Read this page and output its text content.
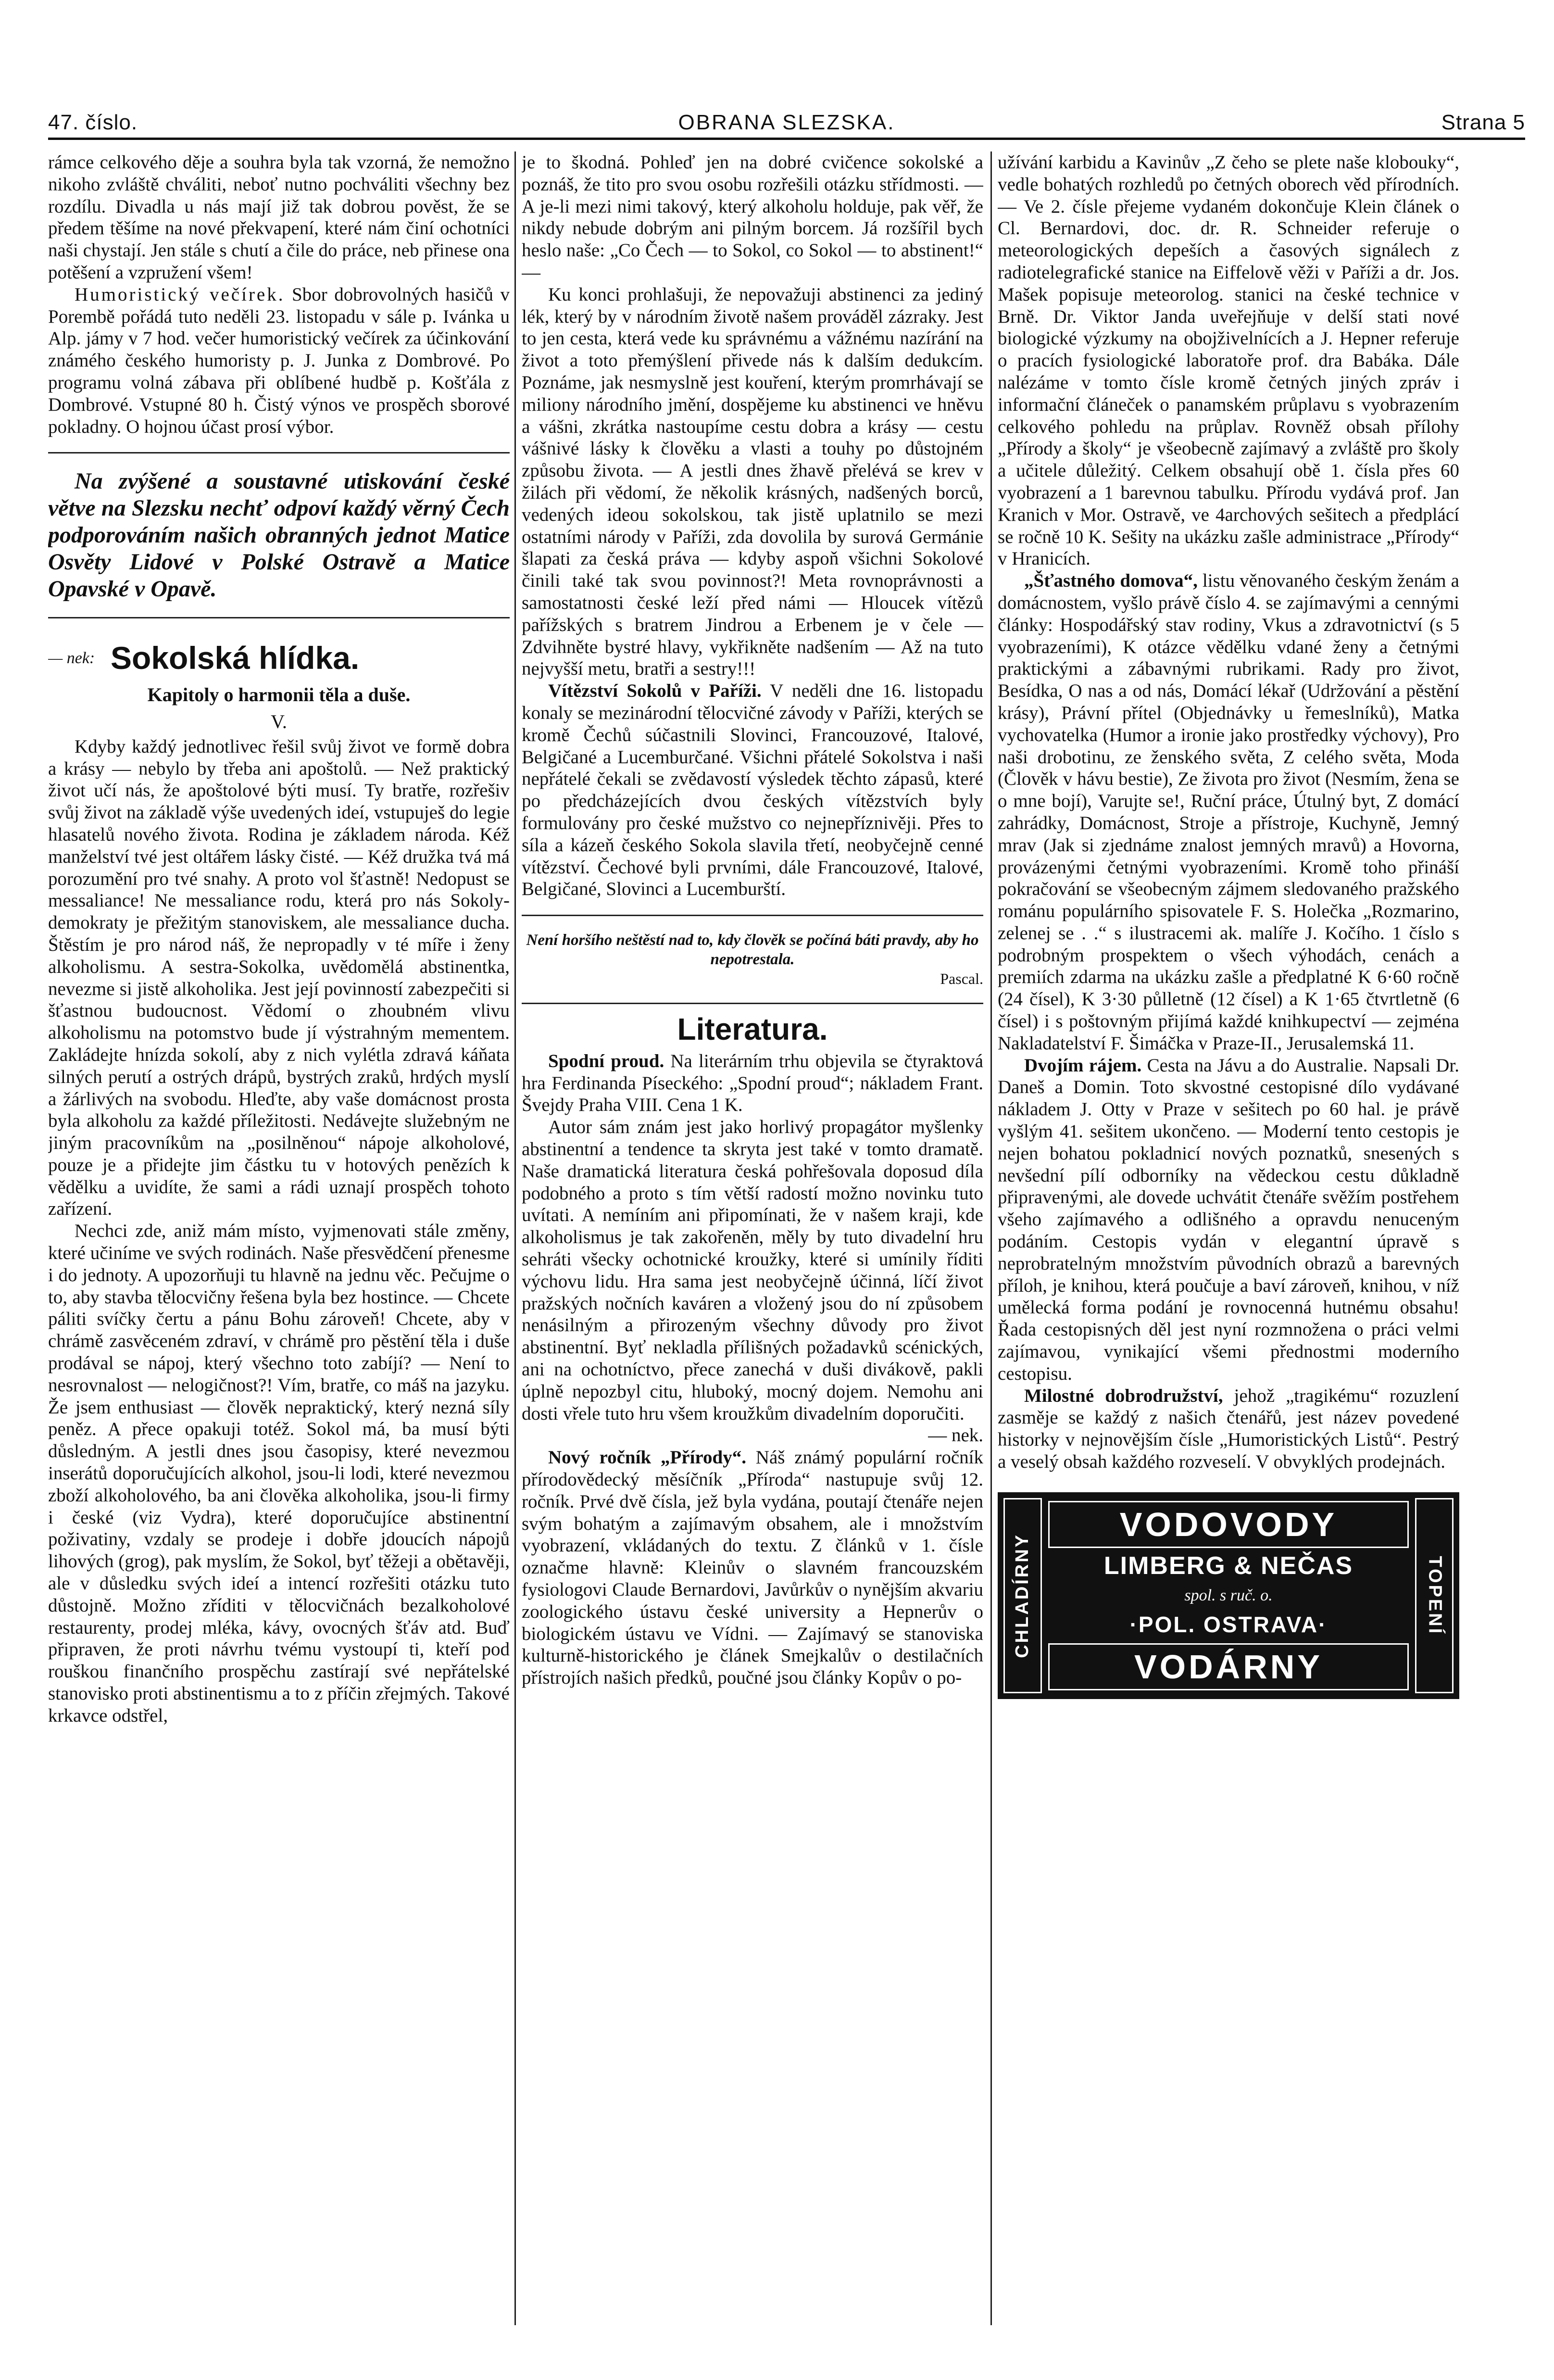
47. číslo.	OBRANA SLEZSKA.	Strana 5

rámce celkového děje a souhra byla tak vzorná, že nemožno nikoho zvláště chváliti, neboť nutno pochváliti všechny bez rozdílu. Divadla u nás mají již tak dobrou pověst, že se předem těšíme na nové překvapení, které nám činí ochotníci naši chystají. Jen stále s chutí a čile do práce, neb přinese ona potěšení a vzpružení všem!

Humoristický večírek. Sbor dobrovolných hasičů v Porembě pořádá tuto neděli 23. listopadu v sále p. Ivánka u Alp. jámy v 7 hod. večer humoristický večírek za účinkování známého českého humoristy p. J. Junka z Dombrové. Po programu volná zábava při oblíbené hudbě p. Košťála z Dombrové. Vstupné 80 h. Čistý výnos ve prospěch sborové pokladny. O hojnou účast prosí výbor.

Na zvýšené a soustavné utiskování české větve na Slezsku nechť odpoví každý věrný Čech podporováním našich obranných jednot Matice Osvěty Lidové v Polské Ostravě a Matice Opavské v Opavě.

— nek: Sokolská hlídka.
Kapitoly o harmonii těla a duše.
V.

Kdyby každý jednotlivec řešil svůj život ve formě dobra a krásy — nebylo by třeba ani apoštolů. — Než praktický život učí nás, že apoštolové býti musí. Ty bratře, rozřešiv svůj život na základě výše uvedených ideí, vstupuješ do legie hlasatelů nového života. Rodina je základem národa. Kéž manželství tvé jest oltářem lásky čisté. — Kéž družka tvá má porozumění pro tvé snahy. A proto vol šťastně! Nedopust se messaliance! Ne messaliance rodu, která pro nás Sokoly-demokraty je přežitým stanoviskem, ale messaliance ducha. Štěstím je pro národ náš, že nepropadly v té míře i ženy alkoholismu. A sestra-Sokolka, uvědomělá abstinentka, nevezme si jistě alkoholika. Jest její povinností zabezpečiti si šťastnou budoucnost. Vědomí o zhoubném vlivu alkoholismu na potomstvo bude jí výstrahným mementem. Zakládejte hnízda sokolí, aby z nich vylétla zdravá káňata silných perutí a ostrých drápů, bystrých zraků, hrdých myslí a žárlivých na svobodu. Hleďte, aby vaše domácnost prosta byla alkoholu za každé příležitosti. Nedávejte služebným ne jiným pracovníkům na „posilněnou“ nápoje alkoholové, pouze je a přidejte jim částku tu v hotových penězích k vědělku a uvidíte, že sami a rádi uznají prospěch tohoto zařízení.

Nechci zde, aniž mám místo, vyjmenovati stále změny, které učiníme ve svých rodinách. Naše přesvědčení přenesme i do jednoty. A upozorňuji tu hlavně na jednu věc. Pečujme o to, aby stavba tělocvičny řešena byla bez hostince. — Chcete páliti svíčky čertu a pánu Bohu zároveň! Chcete, aby v chrámě zasvěceném zdraví, v chrámě pro pěstění těla i duše prodával se nápoj, který všechno toto zabíjí? — Není to nesrovnalost — nelogičnost?! Vím, bratře, co máš na jazyku. Že jsem enthusiast — člověk nepraktický, který nezná síly peněz. A přece opakuji totéž. Sokol má, ba musí býti důsledným. A jestli dnes jsou časopisy, které nevezmou inserátů doporučujících alkohol, jsou-li lodi, které nevezmou zboží alkoholového, ba ani člověka alkoholika, jsou-li firmy i české (viz Vydra), které doporučujíce abstinentní poživatiny, vzdaly se prodeje i dobře jdoucích nápojů lihových (grog), pak myslím, že Sokol, byť těžeji a obětavěji, ale v důsledku svých ideí a intencí rozřešiti otázku tuto důstojně. Možno zříditi v tělocvičnách bezalkoholové restaurenty, prodej mléka, kávy, ovocných šťáv atd. Buď připraven, že proti návrhu tvému vystoupí ti, kteří pod rouškou finančního prospěchu zastírají své nepřátelské stanovisko proti abstinentismu a to z příčin zřejmých. Takové krkavce odstřel,

je to škodná. Pohleď jen na dobré cvičence sokolské a poznáš, že tito pro svou osobu rozřešili otázku střídmosti. — A je-li mezi nimi takový, který alkoholu holduje, pak věř, že nikdy nebude dobrým ani pilným borcem. Já rozšířil bych heslo naše: „Co Čech — to Sokol, co Sokol — to abstinent!“ —

Ku konci prohlašuji, že nepovažuji abstinenci za jediný lék, který by v národním životě našem prováděl zázraky. Jest to jen cesta, která vede ku správnému a vážnému nazírání na život a toto přemýšlení přivede nás k dalším dedukcím. Poznáme, jak nesmyslně jest kouření, kterým promrhávají se miliony národního jmění, dospějeme ku abstinenci ve hněvu a vášni, zkrátka nastoupíme cestu dobra a krásy — cestu vášnivé lásky k člověku a vlasti a touhy po důstojném způsobu života. — A jestli dnes žhavě přelévá se krev v žilách při vědomí, že několik krásných, nadšených borců, vedených ideou sokolskou, tak jistě uplatnilo se mezi ostatními národy v Paříži, zda dovolila by surová Germánie šlapati za česká práva — kdyby aspoň všichni Sokolové činili také tak svou povinnost?! Meta rovnoprávnosti a samostatnosti české leží před námi — Hloucek vítězů pařížských s bratrem Jindrou a Erbenem je v čele — Zdvihněte bystré hlavy, vykřikněte nadšením — Až na tuto nejvyšší metu, bratři a sestry!!!

Vítězství Sokolů v Paříži. V neděli dne 16. listopadu konaly se mezinárodní tělocvičné závody v Paříži, kterých se kromě Čechů súčastnili Slovinci, Francouzové, Italové, Belgičané a Lucemburčané. Všichni přátelé Sokolstva i naši nepřátelé čekali se zvědavostí výsledek těchto zápasů, které po předcházejících dvou českých vítězstvích byly formulovány pro české mužstvo co nejnepříznivěji. Přes to síla a kázeň českého Sokola slavila třetí, neobyčejně cenné vítězství. Čechové byli prvními, dále Francouzové, Italové, Belgičané, Slovinci a Lucemburští.

Není horšího neštěstí nad to, kdy člověk se počíná báti pravdy, aby ho nepotrestala.
Pascal.
Literatura.

Spodní proud. Na literárním trhu objevila se čtyraktová hra Ferdinanda Píseckého: „Spodní proud“; nákladem Frant. Švejdy Praha VIII. Cena 1 K.

Autor sám znám jest jako horlivý propagátor myšlenky abstinentní a tendence ta skryta jest také v tomto dramatě. Naše dramatická literatura česká pohřešovala doposud díla podobného a proto s tím větší radostí možno novinku tuto uvítati. A nemíním ani připomínati, že v našem kraji, kde alkoholismus je tak zakořeněn, měly by tuto divadelní hru sehráti všecky ochotnické kroužky, které si umínily říditi výchovu lidu. Hra sama jest neobyčejně účinná, líčí život pražských nočních kaváren a vložený jsou do ní způsobem nenásilným a přirozeným všechny důvody pro život abstinentní. Byť nekladla přílišných požadavků scénických, ani na ochotníctvo, přece zanechá v duši divákově, pakli úplně nepozbyl citu, hluboký, mocný dojem. Nemohu ani dosti vřele tuto hru všem kroužkům divadelním doporučiti.

— nek.

Nový ročník „Přírody“. Náš známý populární ročník přírodovědecký měsíčník „Příroda“ nastupuje svůj 12. ročník. Prvé dvě čísla, jež byla vydána, poutají čtenáře nejen svým bohatým a zajímavým obsahem, ale i množstvím vyobrazení, vkládaných do textu. Z článků v 1. čísle označme hlavně: Kleinův o slavném francouzském fysiologovi Claude Bernardovi, Javůrkův o nynějším akvariu zoologického ústavu české university a Hepnerův o biologickém ústavu ve Vídni. — Zajímavý se stanoviska kulturně-historického je článek Smejkalův o destilačních přístrojích našich předků, poučné jsou články Kopův o po-

užívání karbidu a Kavinův „Z čeho se plete naše klobouky“, vedle bohatých rozhledů po četných oborech věd přírodních. — Ve 2. čísle přejeme vydaném dokončuje Klein článek o Cl. Bernardovi, doc. dr. R. Schneider referuje o meteorologických depeších a časových signálech z radiotelegrafické stanice na Eiffelově věži v Paříži a dr. Jos. Mašek popisuje meteorolog. stanici na české technice v Brně. Dr. Viktor Janda uveřejňuje v delší stati nové biologické výzkumy na obojživelnících a J. Hepner referuje o pracích fysiologické laboratoře prof. dra Babáka. Dále nalézáme v tomto čísle kromě četných jiných zpráv i informační článeček o panamském průplavu s vyobrazením celkového pohledu na průplav. Rovněž obsah přílohy „Přírody a školy“ je všeobecně zajímavý a zvláště pro školy a učitele důležitý. Celkem obsahují obě 1. čísla přes 60 vyobrazení a 1 barevnou tabulku. Přírodu vydává prof. Jan Kranich v Mor. Ostravě, ve 4archových sešitech a předplácí se ročně 10 K. Sešity na ukázku zašle administrace „Přírody“ v Hranicích.

„Šťastného domova“, listu věnovaného českým ženám a domácnostem, vyšlo právě číslo 4. se zajímavými a cennými články: Hospodářský stav rodiny, Vkus a zdravotnictví (s 5 vyobrazeními), K otázce vědělku vdané ženy a četnými praktickými a zábavnými rubrikami. Rady pro život, Besídka, O nas a od nás, Domácí lékař (Udržování a pěstění krásy), Právní přítel (Objednávky u řemeslníků), Matka vychovatelka (Humor a ironie jako prostředky výchovy), Pro naši drobotinu, ze ženského světa, Z celého světa, Moda (Člověk v hávu bestie), Ze života pro život (Nesmím, žena se o mne bojí), Varujte se!, Ruční práce, Útulný byt, Z domácí zahrádky, Domácnost, Stroje a přístroje, Kuchyně, Jemný mrav (Jak si zjednáme znalost jemných mravů) a Hovorna, provázenými četnými vyobrazeními. Kromě toho přináší pokračování se všeobecným zájmem sledovaného pražského románu populárního spisovatele F. S. Holečka „Rozmarino, zelenej se . .“ s ilustracemi ak. malíře J. Kočího. 1 číslo s podrobným prospektem o všech výhodách, cenách a premiích zdarma na ukázku zašle a předplatné K 6·60 ročně (24 čísel), K 3·30 půlletně (12 čísel) a K 1·65 čtvrtletně (6 čísel) i s poštovným přijímá každé knihkupectví — zejména Nakladatelství F. Šimáčka v Praze-II., Jerusalemská 11.

Dvojím rájem. Cesta na Jávu a do Australie. Napsali Dr. Daneš a Domin. Toto skvostné cestopisné dílo vydávané nákladem J. Otty v Praze v sešitech po 60 hal. je právě vyšlým 41. sešitem ukončeno. — Moderní tento cestopis je nejen bohatou pokladnicí nových poznatků, snesených s nevšední pílí odborníky na vědeckou cestu důkladně připravenými, ale dovede uchvátit čtenáře svěžím postřehem všeho zajímavého a odlišného a opravdu nenuceným podáním. Cestopis vydán v elegantní úpravě s neprobratelným množstvím původních obrazů a barevných příloh, je knihou, která poučuje a baví zároveň, knihou, v níž umělecká forma podání je rovnocenná hutnému obsahu! Řada cestopisných děl jest nyní rozmnožena o práci velmi zajímavou, vynikající všemi přednostmi moderního cestopisu.

Milostné dobrodružství, jehož „tragikému“ rozuzlení zasměje se každý z našich čtenářů, jest název povedené historky v nejnovějším čísle „Humoristických Listů“. Pestrý a veselý obsah každého rozveselí. V obvyklých prodejnách.

CHLADÍRNY
VODOVODY
LIMBERG & NEČAS
spol. s ruč. o.
·POL. OSTRAVA·
VODÁRNY
TOPENÍ
